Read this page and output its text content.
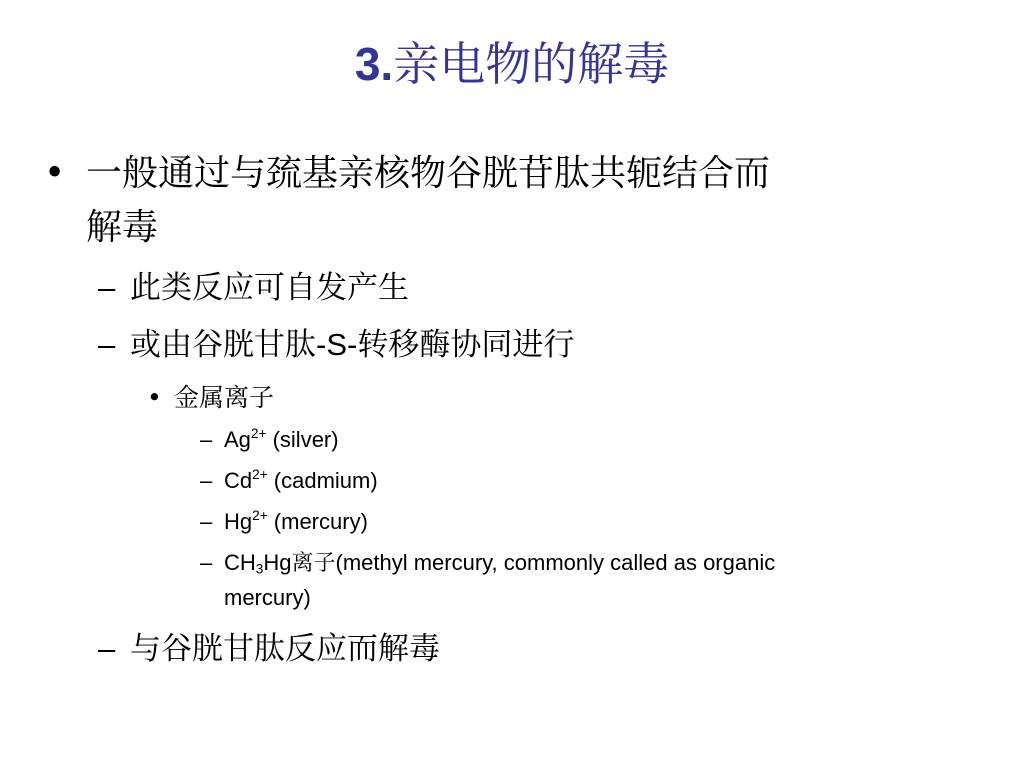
3.亲电物的解毒
• 一般通过与巯基亲核物谷胱苷肽共轭结合而
解毒
– 此类反应可自发产生
– 或由谷胱甘肽-S-转移酶协同进行
• 金属离子
– $Ag^{2+}$ (silver)
– $Cd^{2+}$ (cadmium)
– $Hg^{2+}$ (mercury)
– $CH_3Hg$离子(methyl mercury, commonly called as organic
mercury)
– 与谷胱甘肽反应而解毒
